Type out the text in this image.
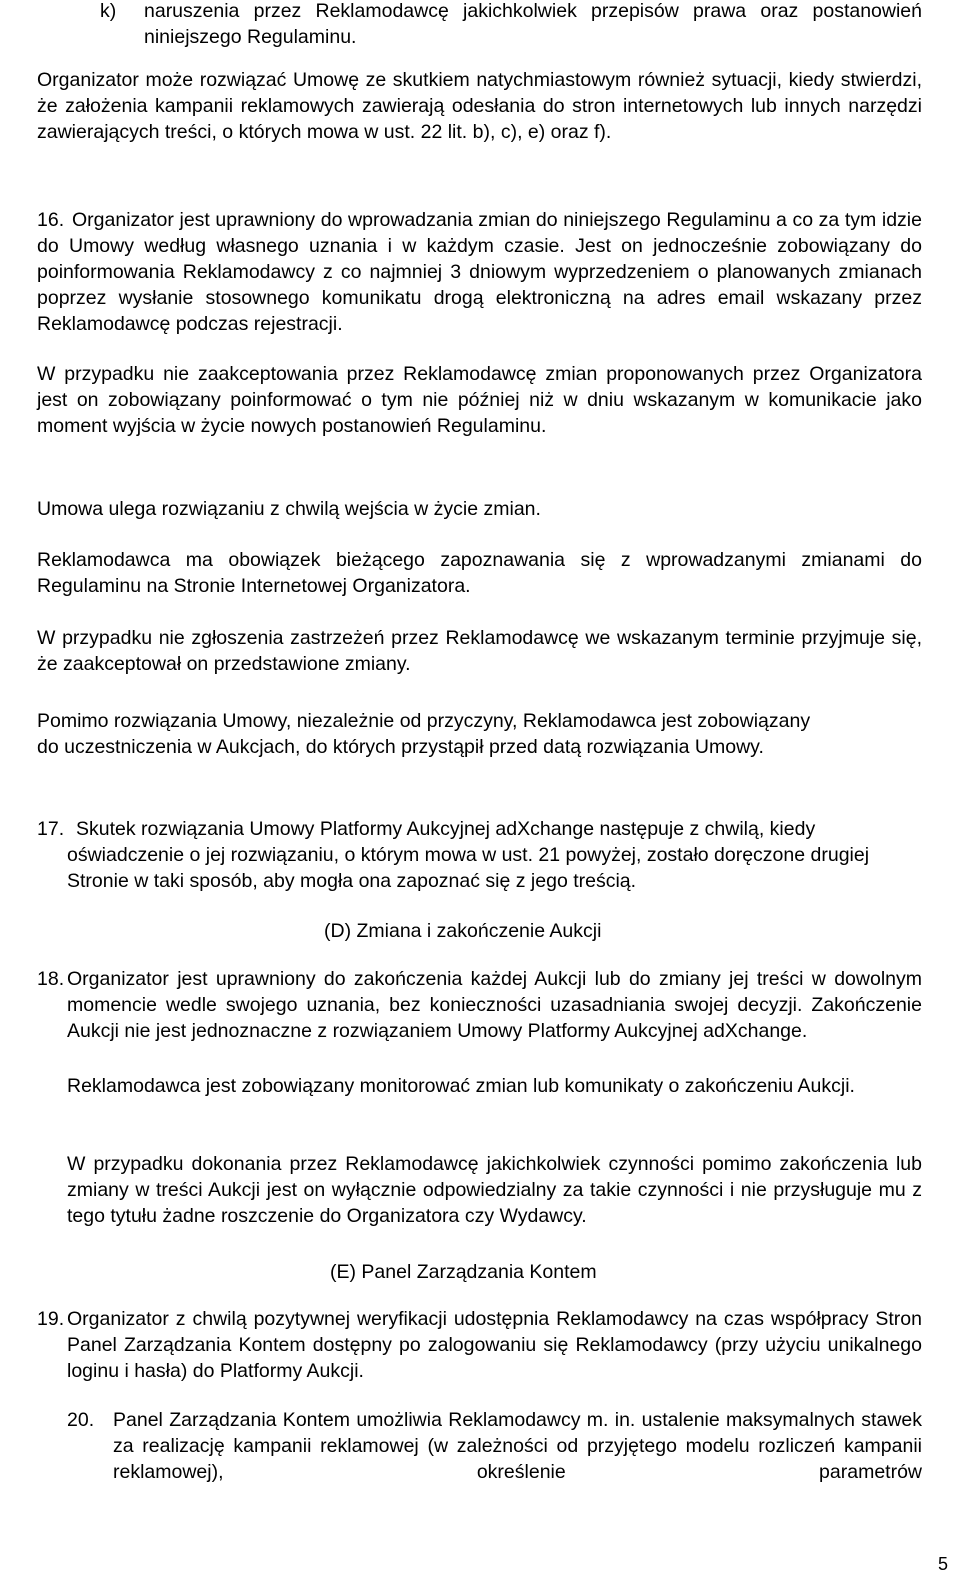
k) naruszenia przez Reklamodawcę jakichkolwiek przepisów prawa oraz postanowień niniejszego Regulaminu.

Organizator może rozwiązać Umowę ze skutkiem natychmiastowym również sytuacji, kiedy stwierdzi, że założenia kampanii reklamowych zawierają odesłania do stron internetowych lub innych narzędzi zawierających treści, o których mowa w ust. 22 lit. b), c), e) oraz f).

16. Organizator jest uprawniony do wprowadzania zmian do niniejszego Regulaminu a co za tym idzie do Umowy według własnego uznania i w każdym czasie. Jest on jednocześnie zobowiązany do poinformowania Reklamodawcy z co najmniej 3 dniowym wyprzedzeniem o planowanych zmianach poprzez wysłanie stosownego komunikatu drogą elektroniczną na adres email wskazany przez Reklamodawcę podczas rejestracji.

W przypadku nie zaakceptowania przez Reklamodawcę zmian proponowanych przez Organizatora jest on zobowiązany poinformować o tym nie później niż w dniu wskazanym w komunikacie jako moment wyjścia w życie nowych postanowień Regulaminu.

Umowa ulega rozwiązaniu z chwilą wejścia w życie zmian.

Reklamodawca ma obowiązek bieżącego zapoznawania się z wprowadzanymi zmianami do Regulaminu na Stronie Internetowej Organizatora.

W przypadku nie zgłoszenia zastrzeżeń przez Reklamodawcę we wskazanym terminie przyjmuje się, że zaakceptował on przedstawione zmiany.

Pomimo rozwiązania Umowy, niezależnie od przyczyny, Reklamodawca jest zobowiązany do uczestniczenia w Aukcjach, do których przystąpił przed datą rozwiązania Umowy.

17. Skutek rozwiązania Umowy Platformy Aukcyjnej adXchange następuje z chwilą, kiedy oświadczenie o jej rozwiązaniu, o którym mowa w ust. 21 powyżej, zostało doręczone drugiej Stronie w taki sposób, aby mogła ona zapoznać się z jego treścią.

(D) Zmiana i zakończenie Aukcji
18. Organizator jest uprawniony do zakończenia każdej Aukcji lub do zmiany jej treści w dowolnym momencie wedle swojego uznania, bez konieczności uzasadniania swojej decyzji. Zakończenie Aukcji nie jest jednoznaczne z rozwiązaniem Umowy Platformy Aukcyjnej adXchange.

Reklamodawca jest zobowiązany monitorować zmian lub komunikaty o zakończeniu Aukcji.

W przypadku dokonania przez Reklamodawcę jakichkolwiek czynności pomimo zakończenia lub zmiany w treści Aukcji jest on wyłącznie odpowiedzialny za takie czynności i nie przysługuje mu z tego tytułu żadne roszczenie do Organizatora czy Wydawcy.

(E) Panel Zarządzania Kontem
19. Organizator z chwilą pozytywnej weryfikacji udostępnia Reklamodawcy na czas współpracy Stron Panel Zarządzania Kontem dostępny po zalogowaniu się Reklamodawcy (przy użyciu unikalnego loginu i hasła) do Platformy Aukcji.

20. Panel Zarządzania Kontem umożliwia Reklamodawcy m. in. ustalenie maksymalnych stawek za realizację kampanii reklamowej (w zależności od przyjętego modelu rozliczeń kampanii reklamowej), określenie parametrów

5
